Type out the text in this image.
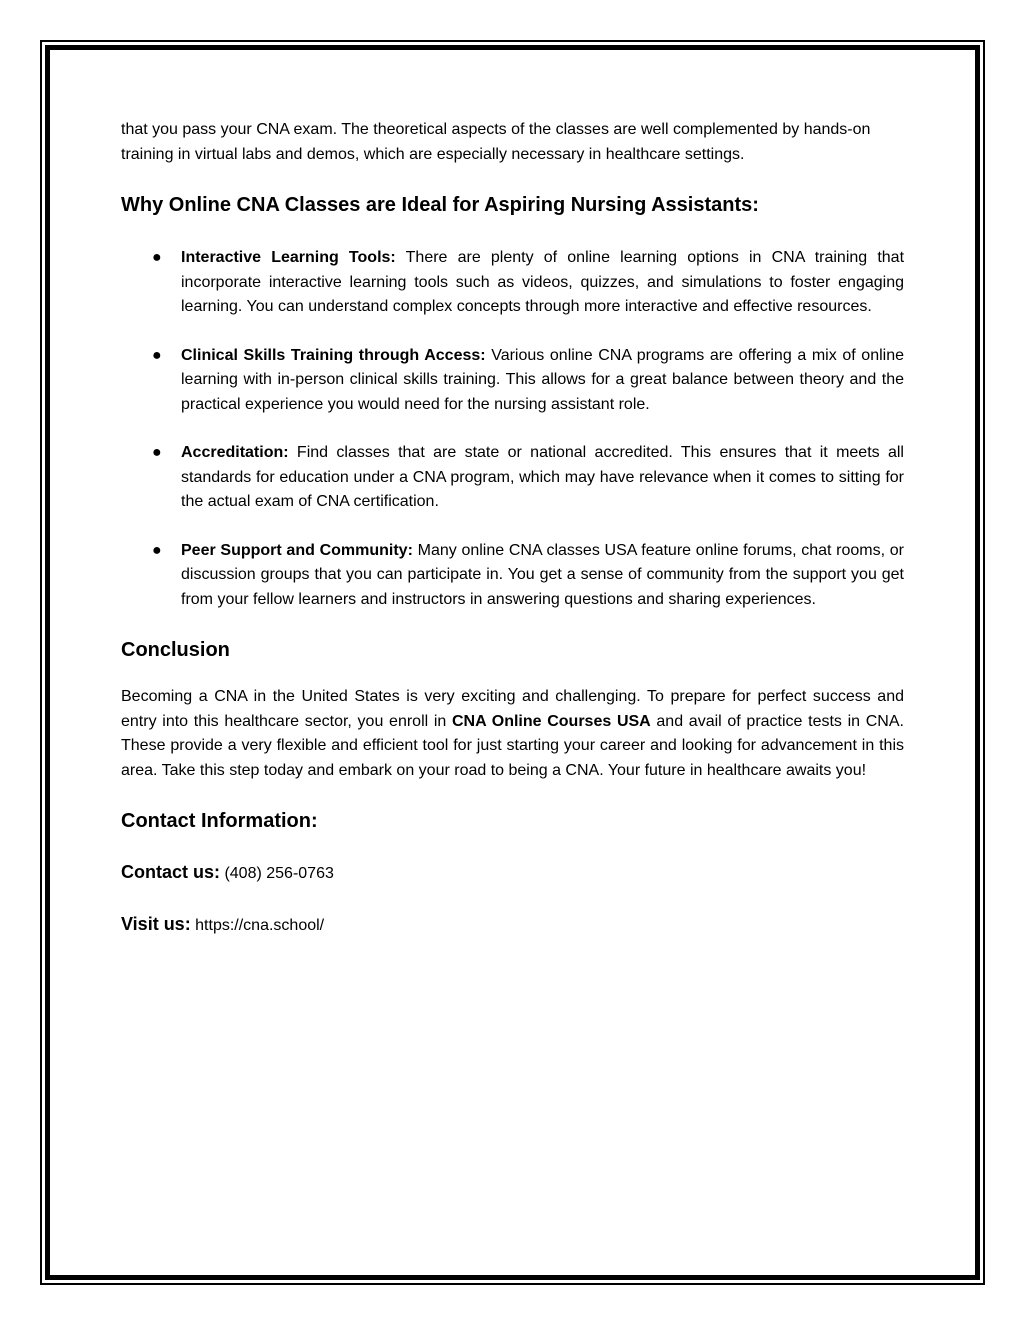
that you pass your CNA exam. The theoretical aspects of the classes are well complemented by hands-on training in virtual labs and demos, which are especially necessary in healthcare settings.

Why Online CNA Classes are Ideal for Aspiring Nursing Assistants:
● Interactive Learning Tools: There are plenty of online learning options in CNA training that incorporate interactive learning tools such as videos, quizzes, and simulations to foster engaging learning. You can understand complex concepts through more interactive and effective resources.
● Clinical Skills Training through Access: Various online CNA programs are offering a mix of online learning with in-person clinical skills training. This allows for a great balance between theory and the practical experience you would need for the nursing assistant role.
● Accreditation: Find classes that are state or national accredited. This ensures that it meets all standards for education under a CNA program, which may have relevance when it comes to sitting for the actual exam of CNA certification.
● Peer Support and Community: Many online CNA classes USA feature online forums, chat rooms, or discussion groups that you can participate in. You get a sense of community from the support you get from your fellow learners and instructors in answering questions and sharing experiences.
Conclusion

Becoming a CNA in the United States is very exciting and challenging. To prepare for perfect success and entry into this healthcare sector, you enroll in CNA Online Courses USA and avail of practice tests in CNA. These provide a very flexible and efficient tool for just starting your career and looking for advancement in this area. Take this step today and embark on your road to being a CNA. Your future in healthcare awaits you!

Contact Information:

Contact us: (408) 256-0763

Visit us: https://cna.school/
